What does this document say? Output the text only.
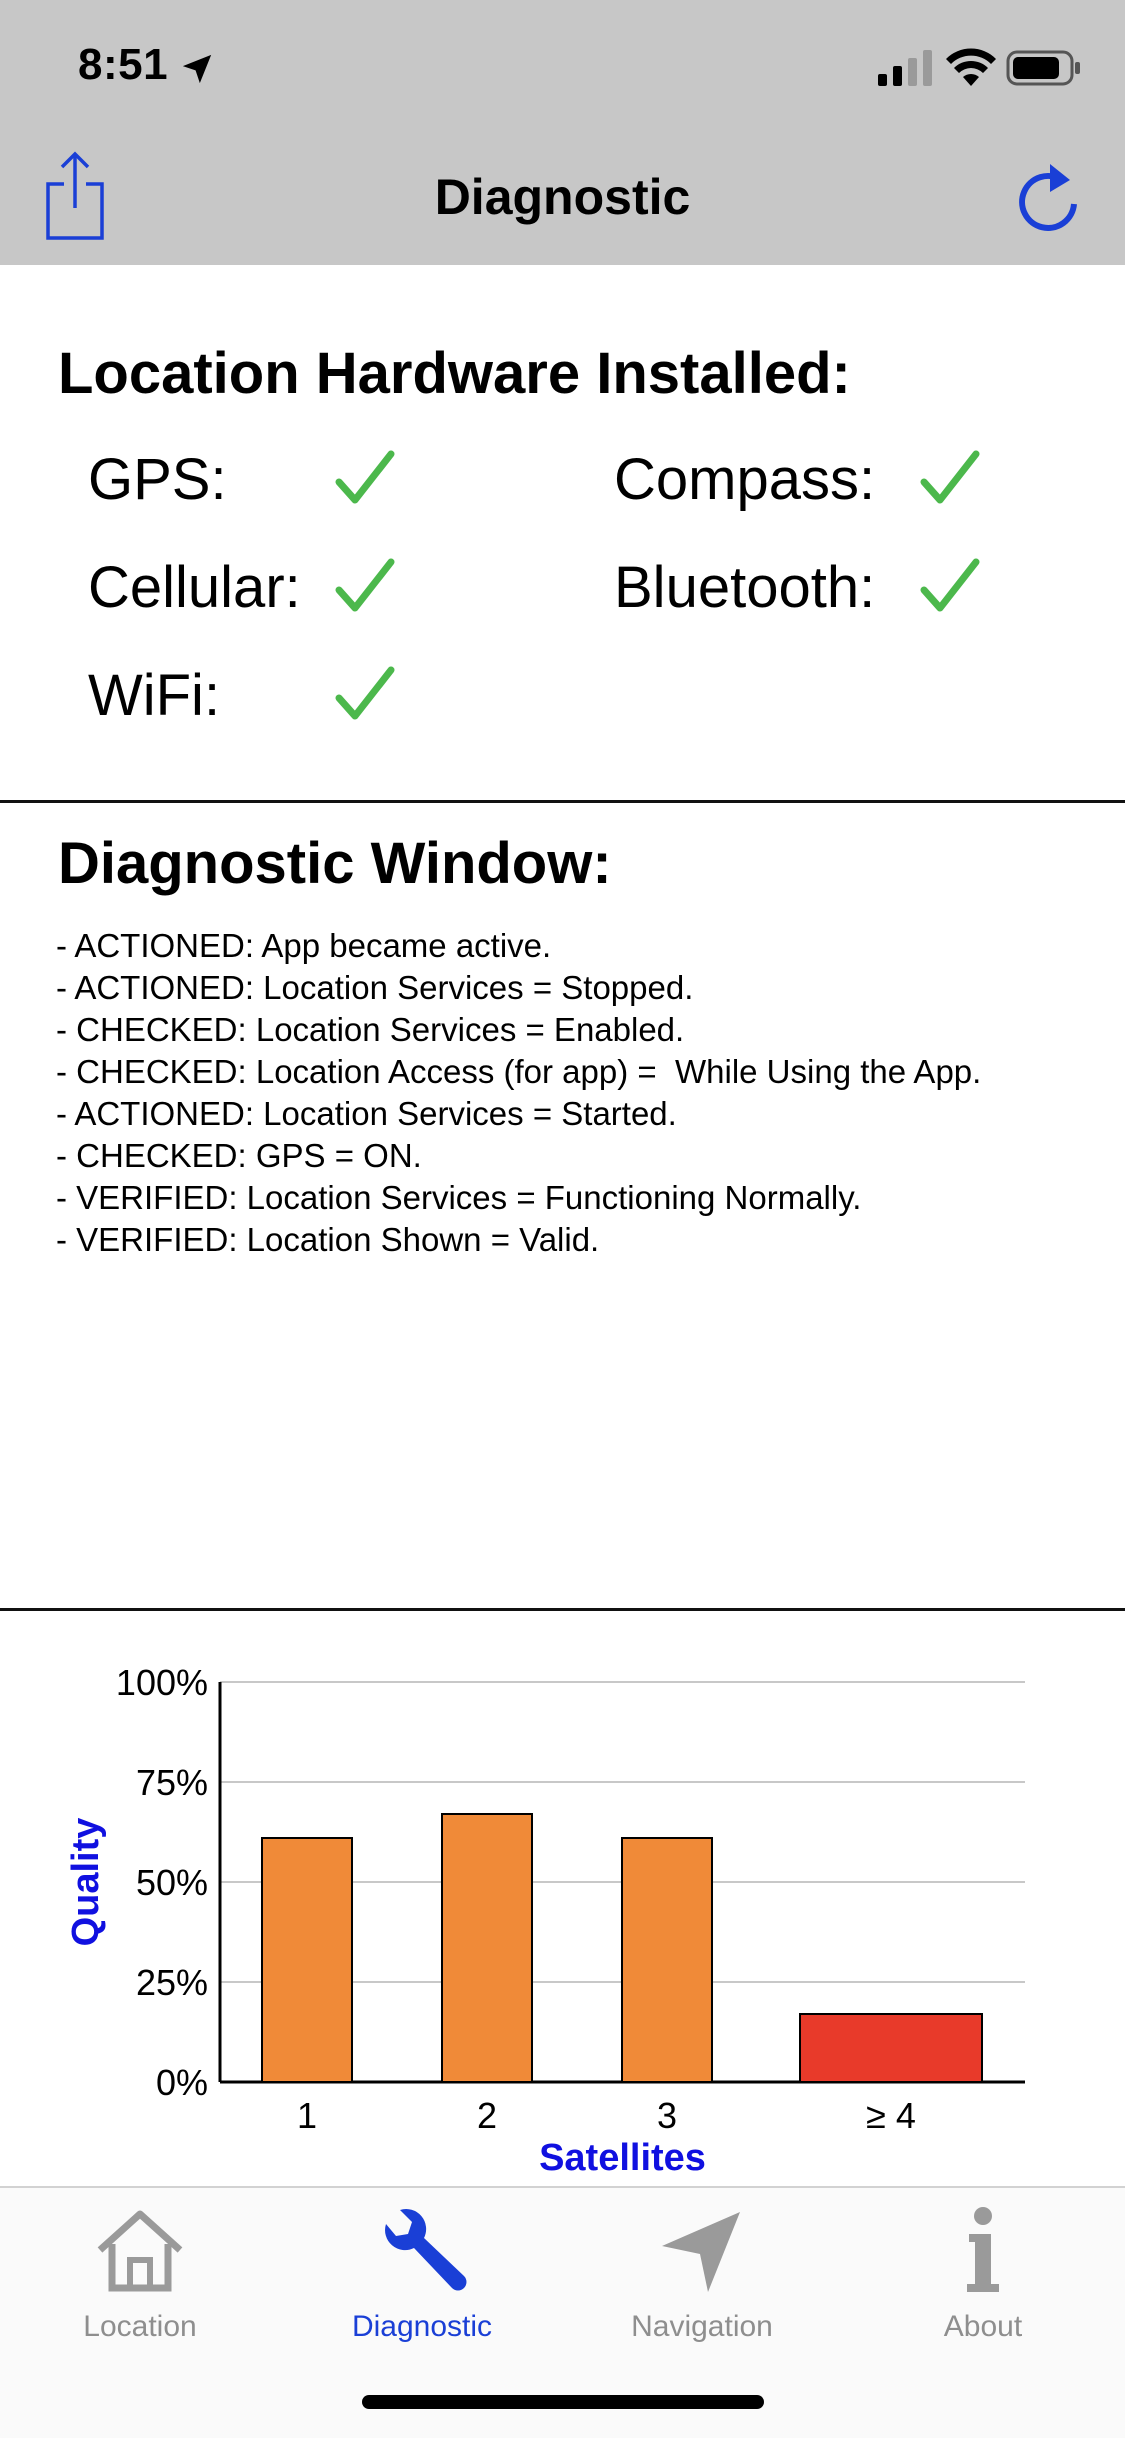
8:51
Diagnostic
Location Hardware Installed:
GPS:	Compass:
Cellular:	Bluetooth:
WiFi:
Diagnostic Window:
- ACTIONED: App became active.
- ACTIONED: Location Services = Stopped.
- CHECKED: Location Services = Enabled.
- CHECKED: Location Access (for app) =  While Using the App.
- ACTIONED: Location Services = Started.
- CHECKED: GPS = ON.
- VERIFIED: Location Services = Functioning Normally.
- VERIFIED: Location Shown = Valid.
0%
25%
50%
75%
100%
1	2	3	≥ 4
Satellites
Quality
Location	Diagnostic	Navigation	About
